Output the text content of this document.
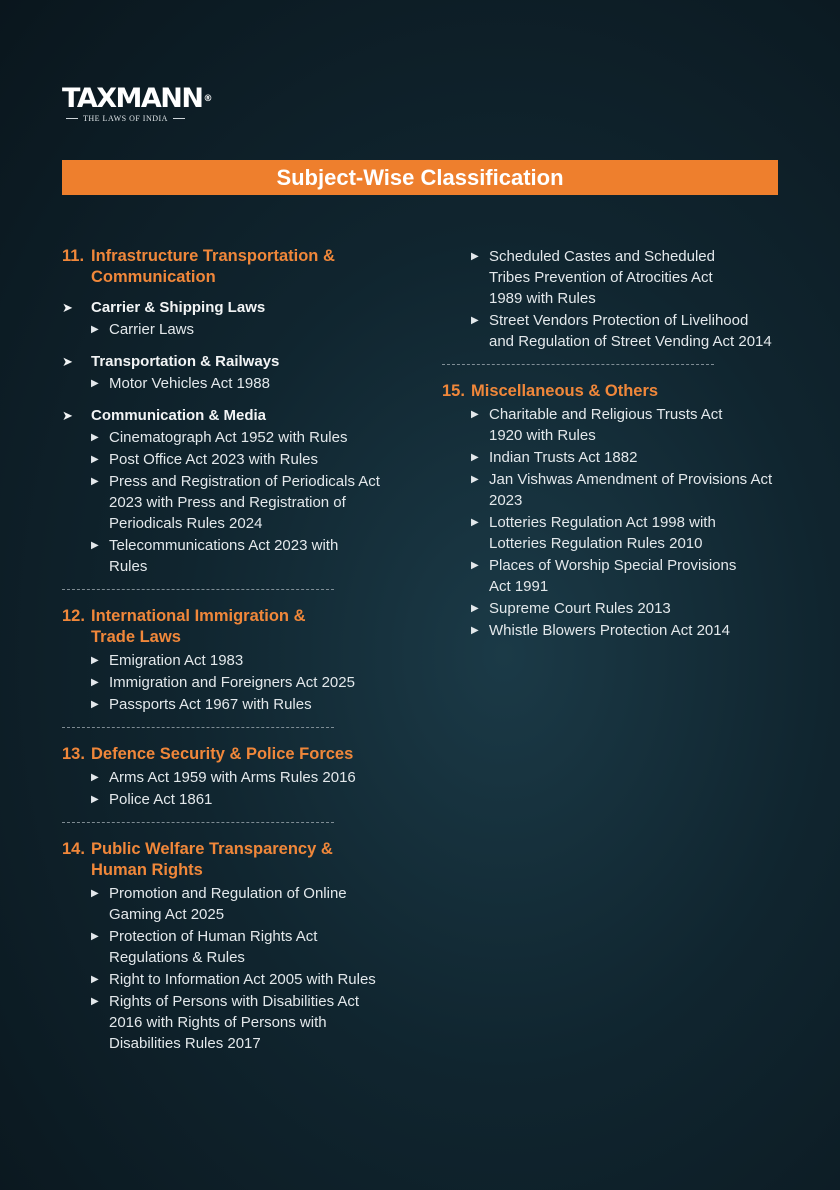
TAXMANN®
THE LAWS OF INDIA
Subject-Wise Classification
11. Infrastructure Transportation &
Communication
➤	Carrier & Shipping Laws
▶ Carrier Laws
➤	Transportation & Railways
▶ Motor Vehicles Act 1988
➤	Communication & Media
▶ Cinematograph Act 1952 with Rules
▶ Post Office Act 2023 with Rules
▶ Press and Registration of Periodicals Act 2023 with Press and Registration of Periodicals Rules 2024
▶ Telecommunications Act 2023 with Rules
12. International Immigration &
Trade Laws
▶ Emigration Act 1983
▶ Immigration and Foreigners Act 2025
▶ Passports Act 1967 with Rules
13. Defence Security & Police Forces
▶ Arms Act 1959 with Arms Rules 2016
▶ Police Act 1861
14. Public Welfare Transparency &
Human Rights
▶ Promotion and Regulation of Online Gaming Act 2025
▶ Protection of Human Rights Act Regulations & Rules
▶ Right to Information Act 2005 with Rules
▶ Rights of Persons with Disabilities Act 2016 with Rights of Persons with Disabilities Rules 2017
▶ Scheduled Castes and Scheduled Tribes Prevention of Atrocities Act 1989 with Rules
▶ Street Vendors Protection of Livelihood and Regulation of Street Vending Act 2014
15. Miscellaneous & Others
▶ Charitable and Religious Trusts Act 1920 with Rules
▶ Indian Trusts Act 1882
▶ Jan Vishwas Amendment of Provisions Act 2023
▶ Lotteries Regulation Act 1998 with Lotteries Regulation Rules 2010
▶ Places of Worship Special Provisions Act 1991
▶ Supreme Court Rules 2013
▶ Whistle Blowers Protection Act 2014
